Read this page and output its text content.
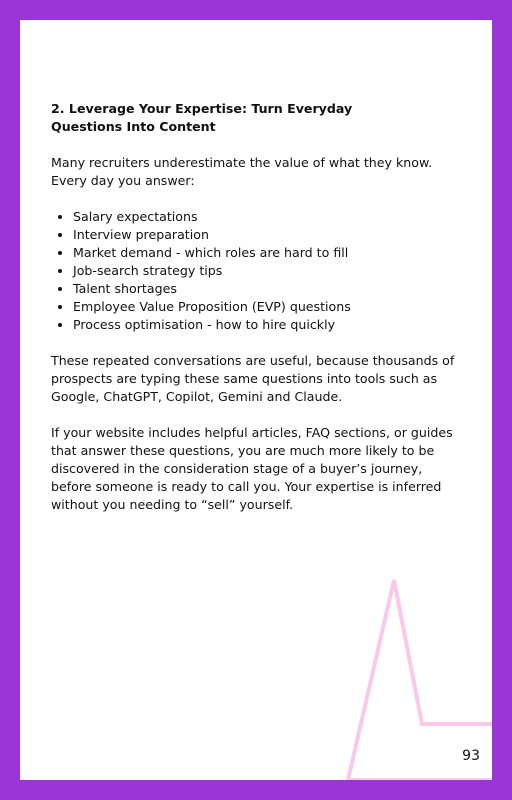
2. Leverage Your Expertise: Turn Everyday
Questions Into Content

Many recruiters underestimate the value of what they know. Every day you answer:

• Salary expectations
• Interview preparation
• Market demand - which roles are hard to fill
• Job-search strategy tips
• Talent shortages
• Employee Value Proposition (EVP) questions
• Process optimisation - how to hire quickly

These repeated conversations are useful, because thousands of prospects are typing these same questions into tools such as Google, ChatGPT, Copilot, Gemini and Claude.

If your website includes helpful articles, FAQ sections, or guides that answer these questions, you are much more likely to be discovered in the consideration stage of a buyer’s journey, before someone is ready to call you. Your expertise is inferred without you needing to “sell” yourself.

93
